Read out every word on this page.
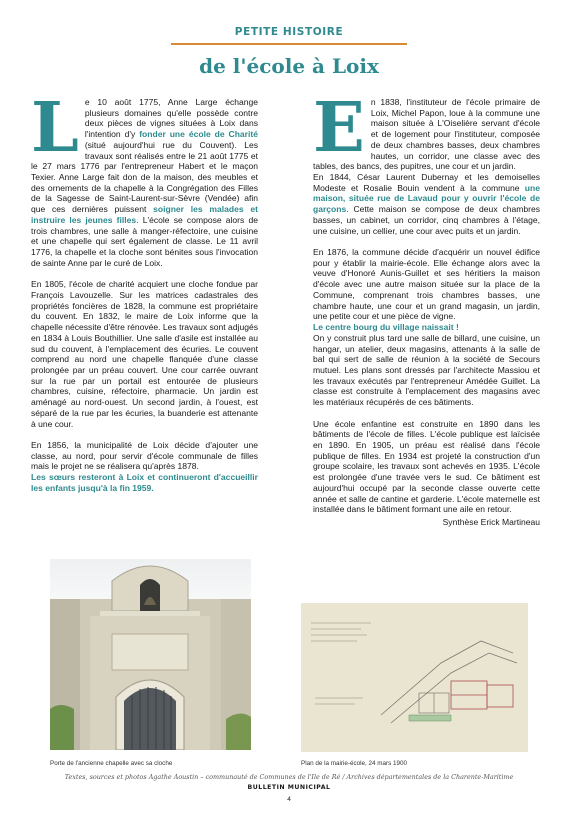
PETITE HISTOIRE
de l'école à Loix

Le 10 août 1775, Anne Large échange plusieurs domaines qu'elle possède contre deux pièces de vignes situées à Loix dans l'intention d'y fonder une école de Charité (situé aujourd'hui rue du Couvent). Les travaux sont réalisés entre le 21 août 1775 et le 27 mars 1776 par l'entrepreneur Habert et le maçon Texier. Anne Large fait don de la maison, des meubles et des ornements de la chapelle à la Congrégation des Filles de la Sagesse de Saint-Laurent-sur-Sèvre (Vendée) afin que ces dernières puissent soigner les malades et instruire les jeunes filles. L'école se compose alors de trois chambres, une salle à manger-réfectoire, une cuisine et une chapelle qui sert également de classe. Le 11 avril 1776, la chapelle et la cloche sont bénites sous l'invocation de sainte Anne par le curé de Loix.

En 1805, l'école de charité acquiert une cloche fondue par François Lavouzelle. Sur les matrices cadastrales des propriétés foncières de 1828, la commune est propriétaire du couvent. En 1832, le maire de Loix informe que la chapelle nécessite d'être rénovée. Les travaux sont adjugés en 1834 à Louis Bouthillier. Une salle d'asile est installée au sud du couvent, à l'emplacement des écuries. Le couvent comprend au nord une chapelle flanquée d'une classe prolongée par un préau couvert. Une cour carrée ouvrant sur la rue par un portail est entourée de plusieurs chambres, cuisine, réfectoire, pharmacie. Un jardin est aménagé au nord-ouest. Un second jardin, à l'ouest, est séparé de la rue par les écuries, la buanderie est attenante à une cour.

En 1856, la municipalité de Loix décide d'ajouter une classe, au nord, pour servir d'école communale de filles mais le projet ne se réalisera qu'après 1878.

Les sœurs resteront à Loix et continueront d'accueillir les enfants jusqu'à la fin 1959.

En 1838, l'instituteur de l'école primaire de Loix, Michel Papon, loue à la commune une maison située à L'Oiselière servant d'école et de logement pour l'instituteur, composée de deux chambres basses, deux chambres hautes, un corridor, une classe avec des tables, des bancs, des pupitres, une cour et un jardin.

En 1844, César Laurent Dubernay et les demoiselles Modeste et Rosalie Bouin vendent à la commune une maison, située rue de Lavaud pour y ouvrir l'école de garçons. Cette maison se compose de deux chambres basses, un cabinet, un corridor, cinq chambres à l'étage, une cuisine, un cellier, une cour avec puits et un jardin.

En 1876, la commune décide d'acquérir un nouvel édifice pour y établir la mairie-école. Elle échange alors avec la veuve d'Honoré Aunis-Guillet et ses héritiers la maison d'école avec une autre maison située sur la place de la Commune, comprenant trois chambres basses, une chambre haute, une cour et un grand magasin, un jardin, une petite cour et une pièce de vigne.

Le centre bourg du village naissait !

On y construit plus tard une salle de billard, une cuisine, un hangar, un atelier, deux magasins, attenants à la salle de bal qui sert de salle de réunion à la société de Secours mutuel. Les plans sont dressés par l'architecte Massiou et les travaux exécutés par l'entrepreneur Amédée Guillet. La classe est construite à l'emplacement des magasins avec les matériaux récupérés de ces bâtiments.

Une école enfantine est construite en 1890 dans les bâtiments de l'école de filles. L'école publique est laïcisée en 1890. En 1905, un préau est réalisé dans l'école publique de filles. En 1934 est projeté la construction d'un groupe scolaire, les travaux sont achevés en 1935. L'école est prolongée d'une travée vers le sud. Ce bâtiment est aujourd'hui occupé par la seconde classe ouverte cette année et salle de cantine et garderie. L'école maternelle est installée dans le bâtiment formant une aile en retour.

Synthèse Erick Martineau
Porte de l'ancienne chapelle avec sa cloche	Plan de la mairie-école, 24 mars 1900
Textes, sources et photos Agathe Aoustin – communauté de Communes de l'Ile de Ré / Archives départementales de la Charente-Maritime
BULLETIN MUNICIPAL
4
